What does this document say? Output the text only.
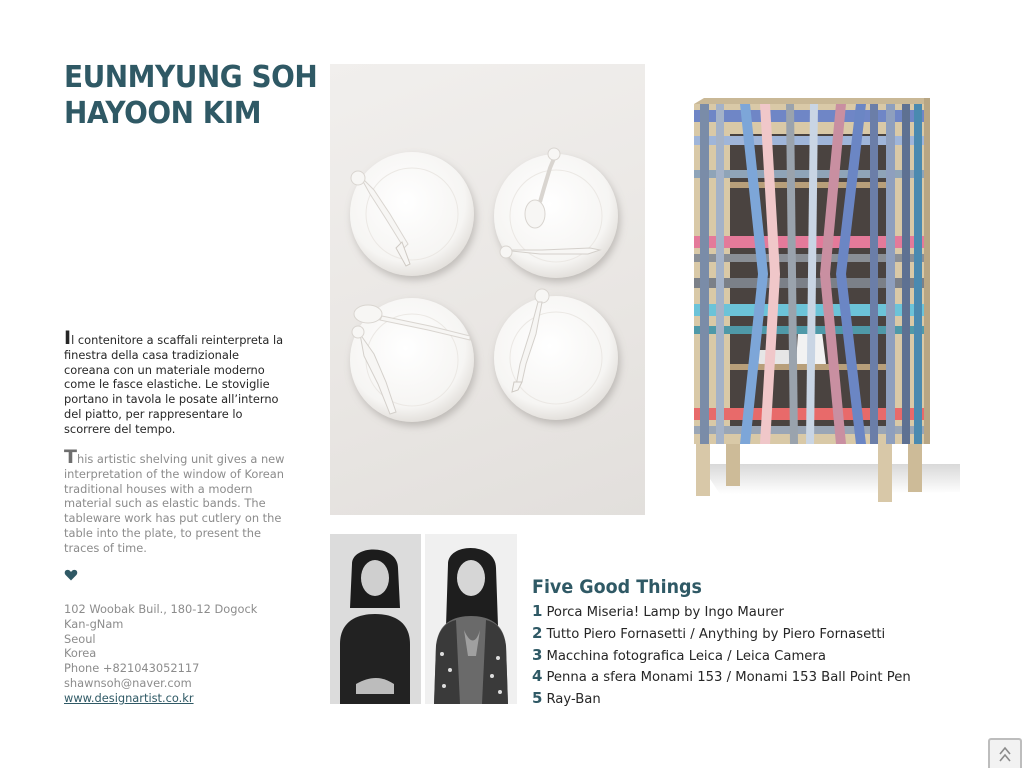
EUNMYUNG SOH
HAYOON KIM

Il contenitore a scaffali reinterpreta la finestra della casa tradizionale coreana con un materiale moderno come le fasce elastiche. Le stoviglie portano in tavola le posate all’interno del piatto, per rappresentare lo scorrere del tempo.

This artistic shelving unit gives a new interpretation of the window of Korean traditional houses with a modern material such as elastic bands. The tableware work has put cutlery on the table into the plate, to present the traces of time.

102 Woobak Buil., 180-12 Dogock Kan-gNam
Seoul
Korea
Phone +821043052117
shawnsoh@naver.com
www.designartist.co.kr
Five Good Things
1 Porca Miseria! Lamp by Ingo Maurer
2 Tutto Piero Fornasetti / Anything by Piero Fornasetti
3 Macchina fotografica Leica / Leica Camera
4 Penna a sfera Monami 153 / Monami 153 Ball Point Pen
5 Ray-Ban
